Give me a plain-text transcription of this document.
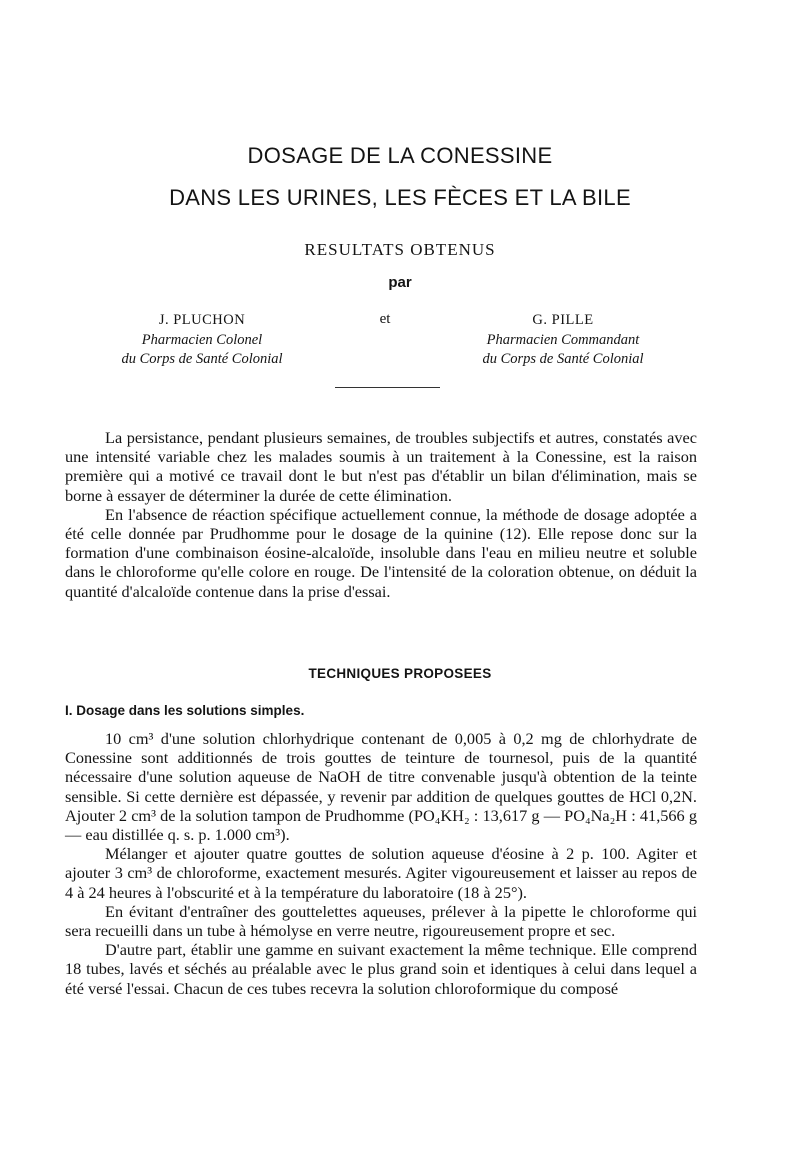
DOSAGE DE LA CONESSINE
DANS LES URINES, LES FÈCES ET LA BILE
RESULTATS OBTENUS
par
J. PLUCHON
Pharmacien Colonel
du Corps de Santé Colonial
et	G. PILLE
Pharmacien Commandant
du Corps de Santé Colonial

La persistance, pendant plusieurs semaines, de troubles subjectifs et autres, constatés avec une intensité variable chez les malades soumis à un traitement à la Conessine, est la raison première qui a motivé ce travail dont le but n'est pas d'établir un bilan d'élimination, mais se borne à essayer de déterminer la durée de cette élimination.

En l'absence de réaction spécifique actuellement connue, la méthode de dosage adoptée a été celle donnée par Prudhomme pour le dosage de la quinine (12). Elle repose donc sur la formation d'une combinaison éosine-alcaloïde, insoluble dans l'eau en milieu neutre et soluble dans le chloroforme qu'elle colore en rouge. De l'intensité de la coloration obtenue, on déduit la quantité d'alcaloïde contenue dans la prise d'essai.

TECHNIQUES PROPOSEES
I. Dosage dans les solutions simples.

10 cm³ d'une solution chlorhydrique contenant de 0,005 à 0,2 mg de chlorhydrate de Conessine sont additionnés de trois gouttes de teinture de tournesol, puis de la quantité nécessaire d'une solution aqueuse de NaOH de titre convenable jusqu'à obtention de la teinte sensible. Si cette dernière est dépassée, y revenir par addition de quelques gouttes de HCl 0,2N. Ajouter 2 cm³ de la solution tampon de Prudhomme (PO₄KH₂ : 13,617 g — PO₄Na₂H : 41,566 g — eau distillée q. s. p. 1.000 cm³).

Mélanger et ajouter quatre gouttes de solution aqueuse d'éosine à 2 p. 100. Agiter et ajouter 3 cm³ de chloroforme, exactement mesurés. Agiter vigoureusement et laisser au repos de 4 à 24 heures à l'obscurité et à la température du laboratoire (18 à 25°).

En évitant d'entraîner des gouttelettes aqueuses, prélever à la pipette le chloroforme qui sera recueilli dans un tube à hémolyse en verre neutre, rigoureusement propre et sec.

D'autre part, établir une gamme en suivant exactement la même technique. Elle comprend 18 tubes, lavés et séchés au préalable avec le plus grand soin et identiques à celui dans lequel a été versé l'essai. Chacun de ces tubes recevra la solution chloroformique du composé
